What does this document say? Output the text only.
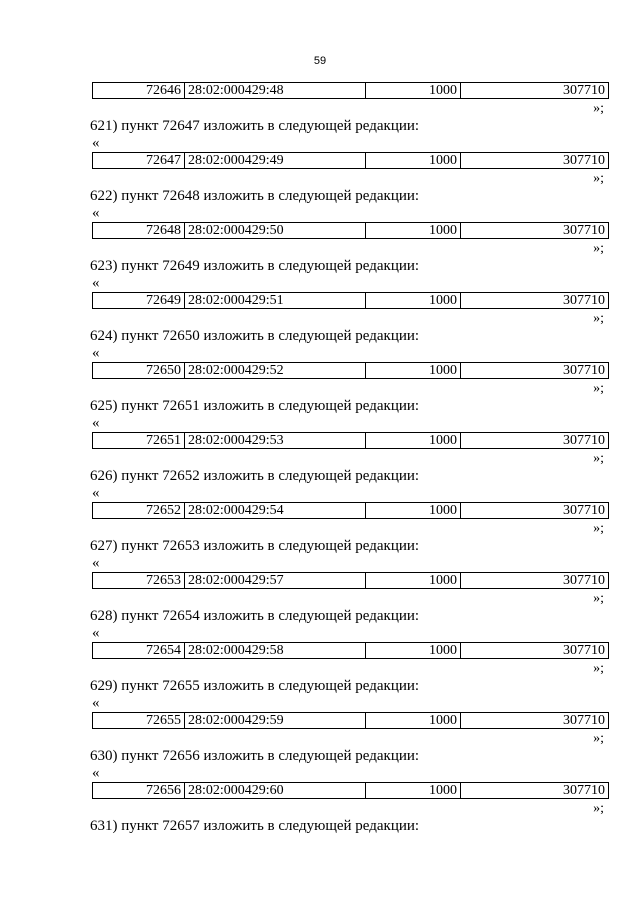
59
72646 28:02:000429:48	1000	307710
»;
621) пункт 72647 изложить в следующей редакции:
«
72647 28:02:000429:49	1000	307710
»;
622) пункт 72648 изложить в следующей редакции:
«
72648 28:02:000429:50	1000	307710
»;
623) пункт 72649 изложить в следующей редакции:
«
72649 28:02:000429:51	1000	307710
»;
624) пункт 72650 изложить в следующей редакции:
«
72650 28:02:000429:52	1000	307710
»;
625) пункт 72651 изложить в следующей редакции:
«
72651 28:02:000429:53	1000	307710
»;
626) пункт 72652 изложить в следующей редакции:
«
72652 28:02:000429:54	1000	307710
»;
627) пункт 72653 изложить в следующей редакции:
«
72653 28:02:000429:57	1000	307710
»;
628) пункт 72654 изложить в следующей редакции:
«
72654 28:02:000429:58	1000	307710
»;
629) пункт 72655 изложить в следующей редакции:
«
72655 28:02:000429:59	1000	307710
»;
630) пункт 72656 изложить в следующей редакции:
«
72656 28:02:000429:60	1000	307710
»;
631) пункт 72657 изложить в следующей редакции:
